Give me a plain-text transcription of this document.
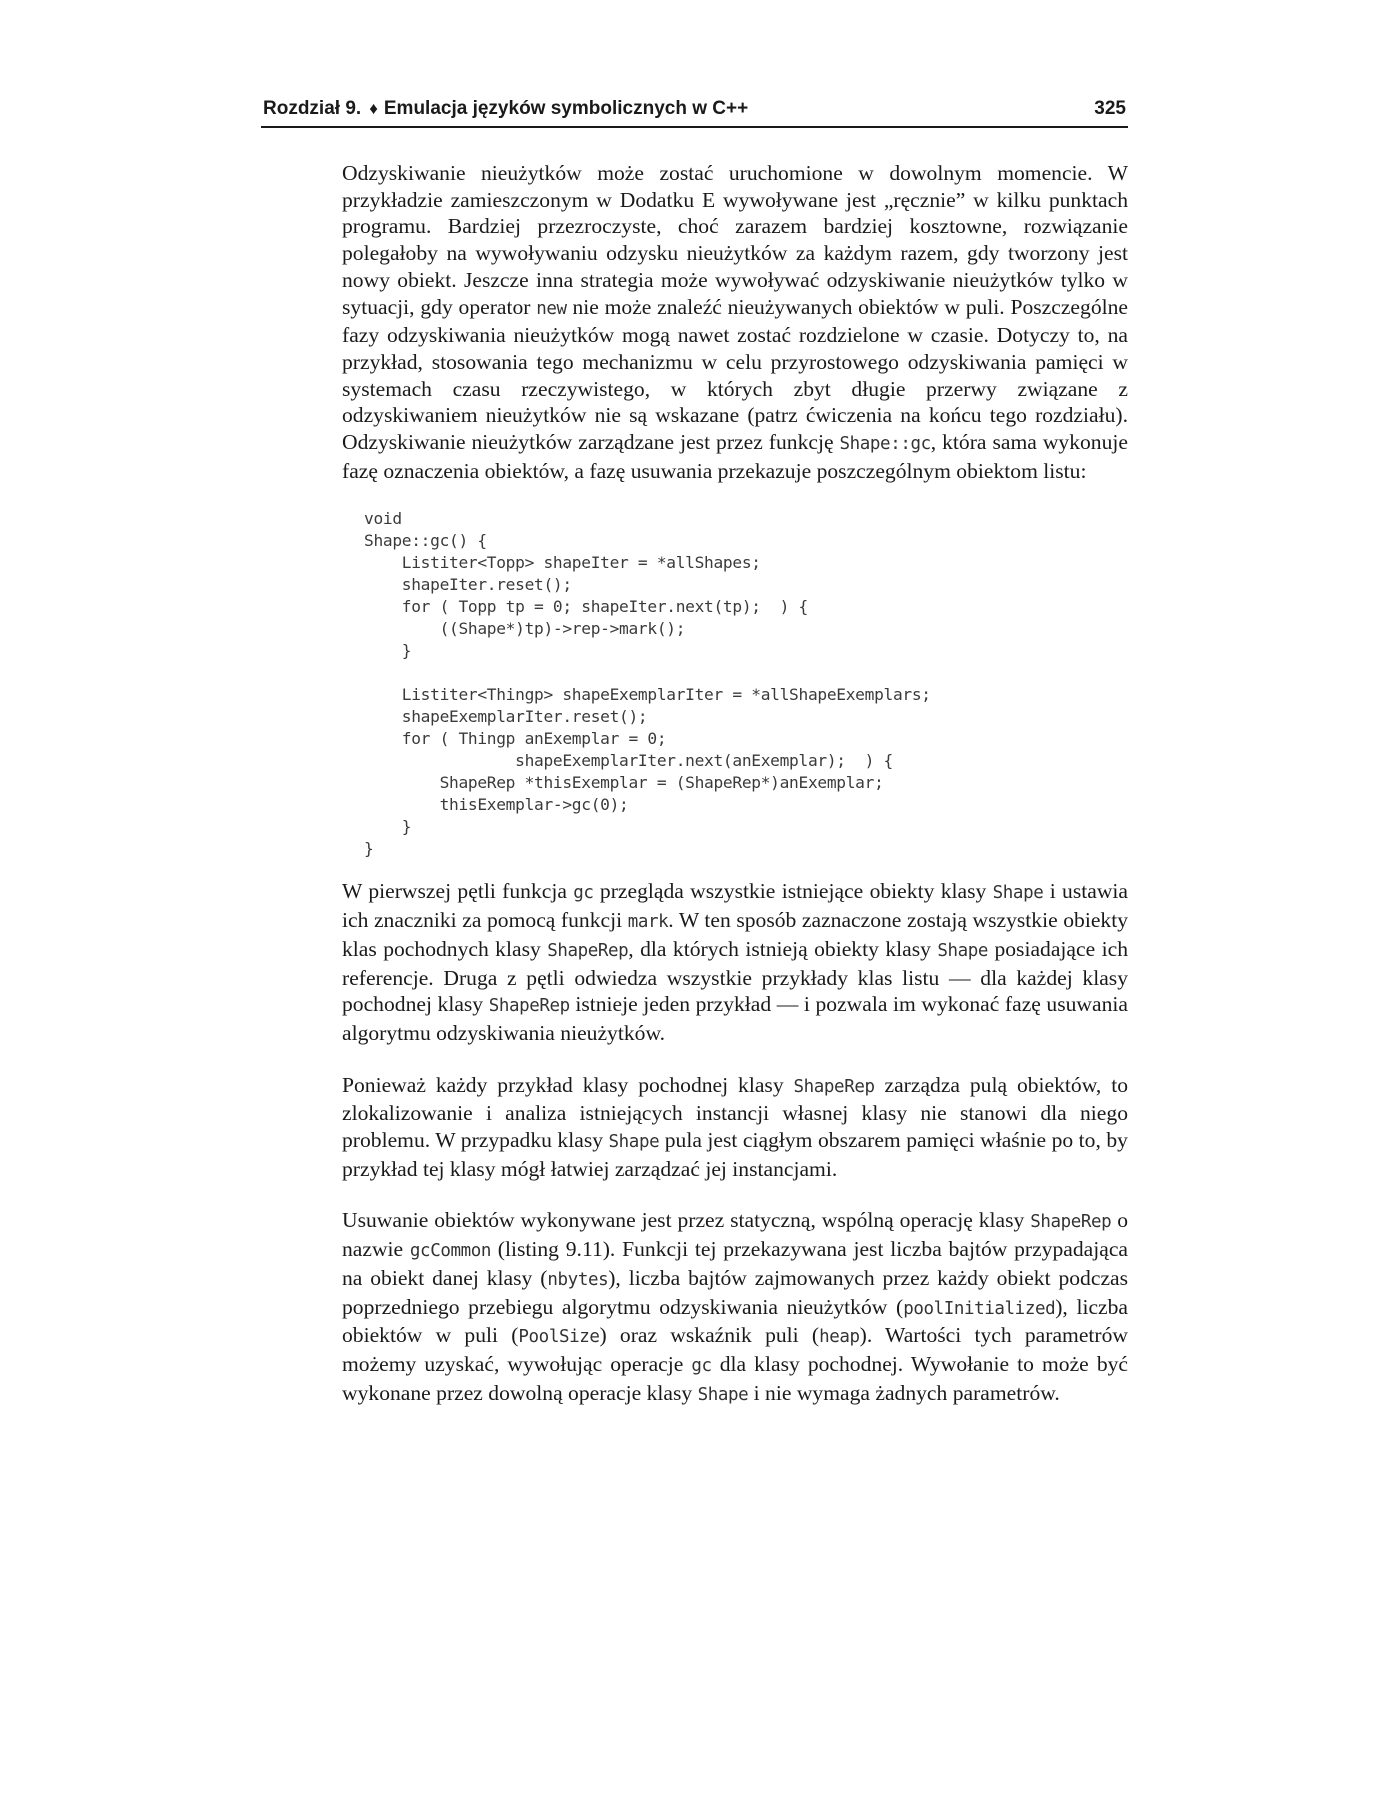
Rozdział 9. ♦ Emulacja języków symbolicznych w C++	325

Odzyskiwanie nieużytków może zostać uruchomione w dowolnym momencie. W przykładzie zamieszczonym w Dodatku E wywoływane jest „ręcznie” w kilku punktach programu. Bardziej przezroczyste, choć zarazem bardziej kosztowne, rozwiązanie polegałoby na wywoływaniu odzysku nieużytków za każdym razem, gdy tworzony jest nowy obiekt. Jeszcze inna strategia może wywoływać odzyskiwanie nieużytków tylko w sytuacji, gdy operator new nie może znaleźć nieużywanych obiektów w puli. Poszczególne fazy odzyskiwania nieużytków mogą nawet zostać rozdzielone w czasie. Dotyczy to, na przykład, stosowania tego mechanizmu w celu przyrostowego odzyskiwania pamięci w systemach czasu rzeczywistego, w których zbyt długie przerwy związane z odzyskiwaniem nieużytków nie są wskazane (patrz ćwiczenia na końcu tego rozdziału). Odzyskiwanie nieużytków zarządzane jest przez funkcję Shape::gc, która sama wykonuje fazę oznaczenia obiektów, a fazę usuwania przekazuje poszczególnym obiektom listu:

void
Shape::gc() {
Listiter<Topp> shapeIter = *allShapes;
shapeIter.reset();
for ( Topp tp = 0; shapeIter.next(tp);  ) {
((Shape*)tp)->rep->mark();
}

Listiter<Thingp> shapeExemplarIter = *allShapeExemplars;
shapeExemplarIter.reset();
for ( Thingp anExemplar = 0;
shapeExemplarIter.next(anExemplar);  ) {
ShapeRep *thisExemplar = (ShapeRep*)anExemplar;
thisExemplar->gc(0);
}
}

W pierwszej pętli funkcja gc przegląda wszystkie istniejące obiekty klasy Shape i ustawia ich znaczniki za pomocą funkcji mark. W ten sposób zaznaczone zostają wszystkie obiekty klas pochodnych klasy ShapeRep, dla których istnieją obiekty klasy Shape posiadające ich referencje. Druga z pętli odwiedza wszystkie przykłady klas listu — dla każdej klasy pochodnej klasy ShapeRep istnieje jeden przykład — i pozwala im wykonać fazę usuwania algorytmu odzyskiwania nieużytków.

Ponieważ każdy przykład klasy pochodnej klasy ShapeRep zarządza pulą obiektów, to zlokalizowanie i analiza istniejących instancji własnej klasy nie stanowi dla niego problemu. W przypadku klasy Shape pula jest ciągłym obszarem pamięci właśnie po to, by przykład tej klasy mógł łatwiej zarządzać jej instancjami.

Usuwanie obiektów wykonywane jest przez statyczną, wspólną operację klasy ShapeRep o nazwie gcCommon (listing 9.11). Funkcji tej przekazywana jest liczba bajtów przypadająca na obiekt danej klasy (nbytes), liczba bajtów zajmowanych przez każdy obiekt podczas poprzedniego przebiegu algorytmu odzyskiwania nieużytków (poolInitialized), liczba obiektów w puli (PoolSize) oraz wskaźnik puli (heap). Wartości tych parametrów możemy uzyskać, wywołując operacje gc dla klasy pochodnej. Wywołanie to może być wykonane przez dowolną operacje klasy Shape i nie wymaga żadnych parametrów.
